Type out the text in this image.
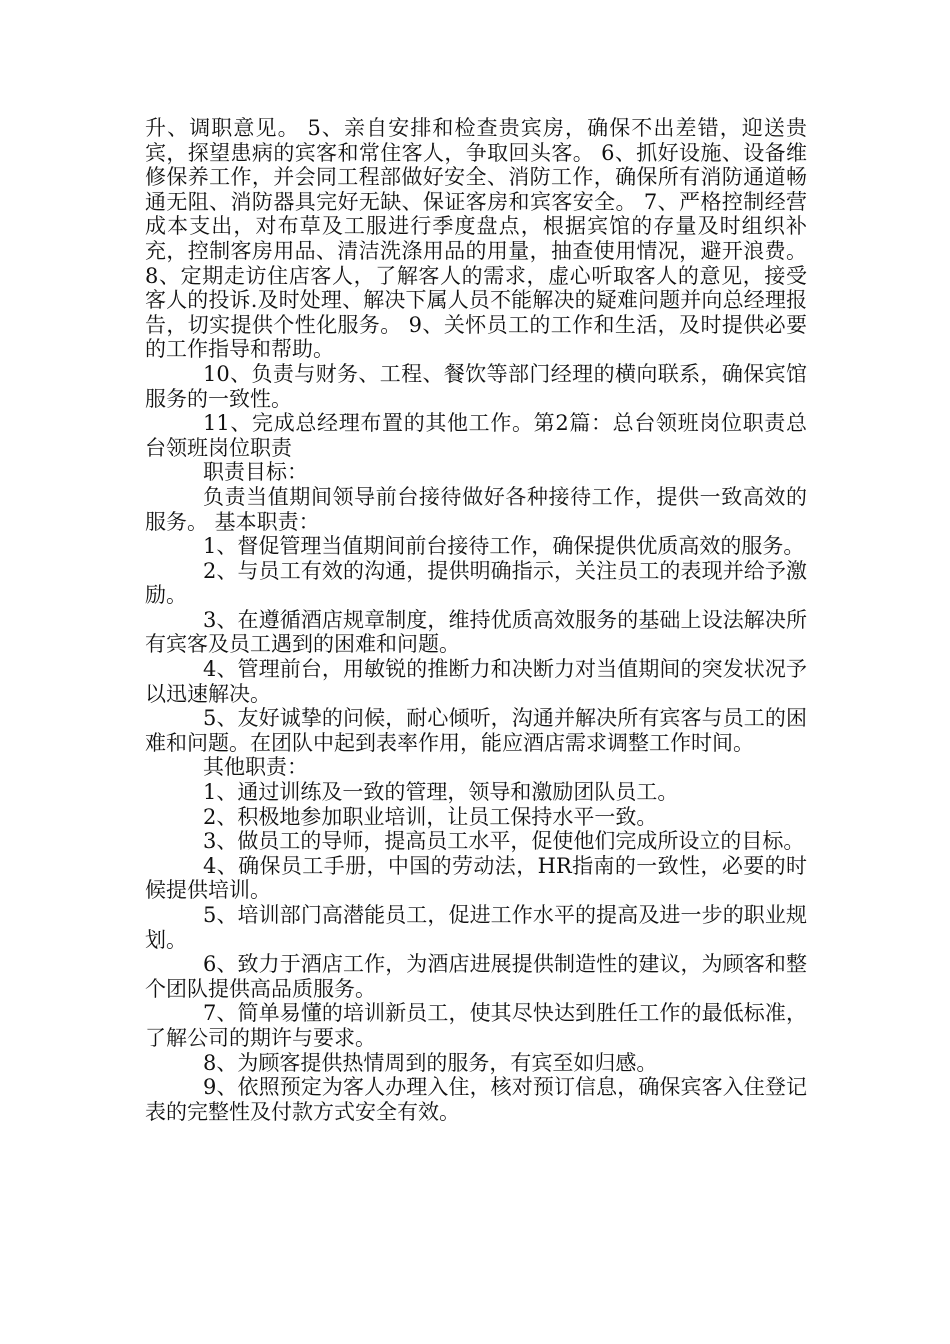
升、调职意见。 5、亲自安排和检查贵宾房，确保不出差错，迎送贵宾，探望患病的宾客和常住客人，争取回头客。 6、抓好设施、设备维修保养工作，并会同工程部做好安全、消防工作，确保所有消防通道畅通无阻、消防器具完好无缺、保证客房和宾客安全。 7、严格控制经营成本支出，对布草及工服进行季度盘点，根据宾馆的存量及时组织补充，控制客房用品、清洁洗涤用品的用量，抽查使用情况，避开浪费。 8、定期走访住店客人，了解客人的需求，虚心听取客人的意见，接受客人的投诉.及时处理、解决下属人员不能解决的疑难问题并向总经理报告，切实提供个性化服务。 9、关怀员工的工作和生活，及时提供必要的工作指导和帮助。

10、负责与财务、工程、餐饮等部门经理的横向联系，确保宾馆服务的一致性。

11、完成总经理布置的其他工作。第2篇：总台领班岗位职责总台领班岗位职责

职责目标：

负责当值期间领导前台接待做好各种接待工作，提供一致高效的服务。 基本职责：

1、督促管理当值期间前台接待工作，确保提供优质高效的服务。

2、与员工有效的沟通，提供明确指示，关注员工的表现并给予激励。

3、在遵循酒店规章制度，维持优质高效服务的基础上设法解决所有宾客及员工遇到的困难和问题。

4、管理前台，用敏锐的推断力和决断力对当值期间的突发状况予以迅速解决。

5、友好诚挚的问候，耐心倾听，沟通并解决所有宾客与员工的困难和问题。在团队中起到表率作用，能应酒店需求调整工作时间。

其他职责：

1、通过训练及一致的管理，领导和激励团队员工。

2、积极地参加职业培训，让员工保持水平一致。

3、做员工的导师，提高员工水平，促使他们完成所设立的目标。

4、确保员工手册，中国的劳动法，HR指南的一致性，必要的时候提供培训。

5、培训部门高潜能员工，促进工作水平的提高及进一步的职业规划。

6、致力于酒店工作，为酒店进展提供制造性的建议，为顾客和整个团队提供高品质服务。

7、简单易懂的培训新员工，使其尽快达到胜任工作的最低标准，了解公司的期许与要求。

8、为顾客提供热情周到的服务，有宾至如归感。

9、依照预定为客人办理入住，核对预订信息，确保宾客入住登记表的完整性及付款方式安全有效。
